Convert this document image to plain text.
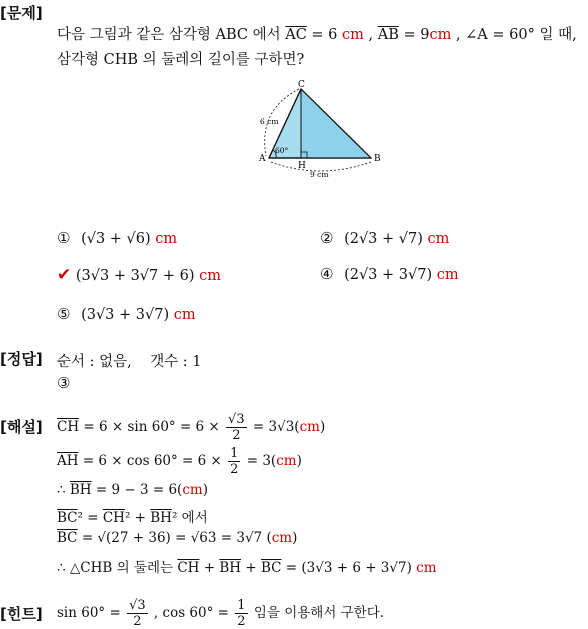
[문제]
[정답]
[해설]
[힌트]
다음 그림과 같은 삼각형 ABC 에서 $\overline{AC} = 6$ cm , $\overline{AB} = 9cm$ , ∠A = 60° 일 때,
삼각형 CHB 의 둘레의 길이를 구하면?
C
A	B
H
6 cm
9 cm
60°
① (√3 + √6) cm	② (2√3 + √7) cm
✔ (3√3 + 3√7 + 6) cm	④ (2√3 + 3√7) cm
⑤ (3√3 + 3√7) cm
순서 : 없음, 갯수 : 1
③
$\overline{CH} = 6 \times \sin 60^\circ = 6 \times \frac{√3}{2} = 3√3(cm)$
$\overline{AH} = 6 \times \cos 60^\circ = 6 \times \frac{1}{2} = 3(cm)$
∴ $\overline{BH} = 9 - 3 = 6(cm)$
$\overline{BC}^2 = \overline{CH}^2 + \overline{BH}^2$ 에서
$\overline{BC} = √(27 + 36) = √63 = 3√7$ (cm)
∴ △CHB 의 둘레는 $\overline{CH} + \overline{BH} + \overline{BC} = (3√3 + 6 + 3√7)$ cm
$\sin 60^\circ = \frac{√3}{2}$ , $\cos 60^\circ = \frac{1}{2}$ 임을 이용해서 구한다.
